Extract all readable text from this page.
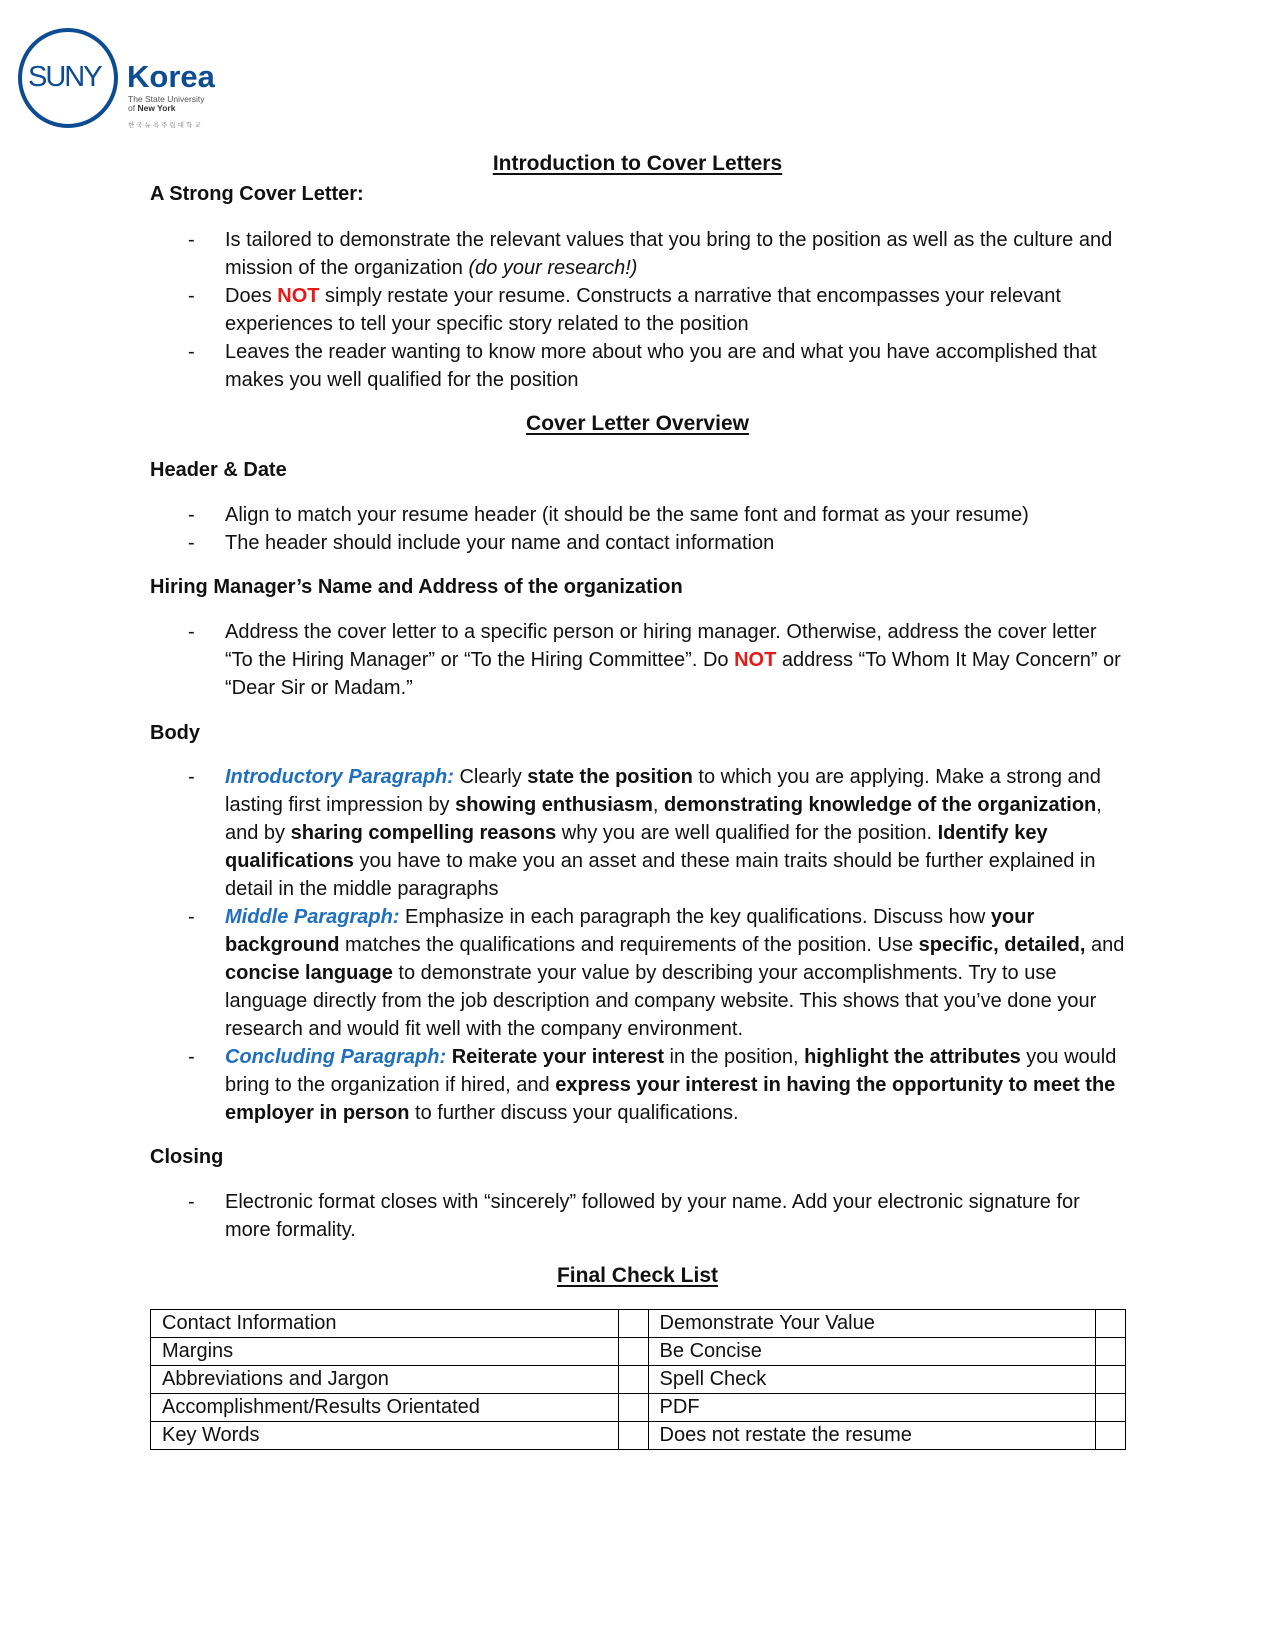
SUNY Korea
The State University
of New York
한국뉴욕주립대학교
Introduction to Cover Letters
A Strong Cover Letter:
- Is tailored to demonstrate the relevant values that you bring to the position as well as the culture and mission of the organization (do your research!)
- Does NOT simply restate your resume. Constructs a narrative that encompasses your relevant experiences to tell your specific story related to the position
- Leaves the reader wanting to know more about who you are and what you have accomplished that makes you well qualified for the position
Cover Letter Overview
Header & Date
- Align to match your resume header (it should be the same font and format as your resume)
- The header should include your name and contact information
Hiring Manager’s Name and Address of the organization
- Address the cover letter to a specific person or hiring manager. Otherwise, address the cover letter “To the Hiring Manager” or “To the Hiring Committee”. Do NOT address “To Whom It May Concern” or “Dear Sir or Madam.”
Body
- Introductory Paragraph: Clearly state the position to which you are applying. Make a strong and lasting first impression by showing enthusiasm, demonstrating knowledge of the organization, and by sharing compelling reasons why you are well qualified for the position. Identify key qualifications you have to make you an asset and these main traits should be further explained in detail in the middle paragraphs
- Middle Paragraph: Emphasize in each paragraph the key qualifications. Discuss how your background matches the qualifications and requirements of the position. Use specific, detailed, and concise language to demonstrate your value by describing your accomplishments. Try to use language directly from the job description and company website. This shows that you’ve done your research and would fit well with the company environment.
- Concluding Paragraph: Reiterate your interest in the position, highlight the attributes you would bring to the organization if hired, and express your interest in having the opportunity to meet the employer in person to further discuss your qualifications.
Closing
- Electronic format closes with “sincerely” followed by your name. Add your electronic signature for more formality.
Final Check List
Contact Information		Demonstrate Your Value	
Margins		Be Concise	
Abbreviations and Jargon		Spell Check	
Accomplishment/Results Orientated		PDF	
Key Words		Does not restate the resume	
